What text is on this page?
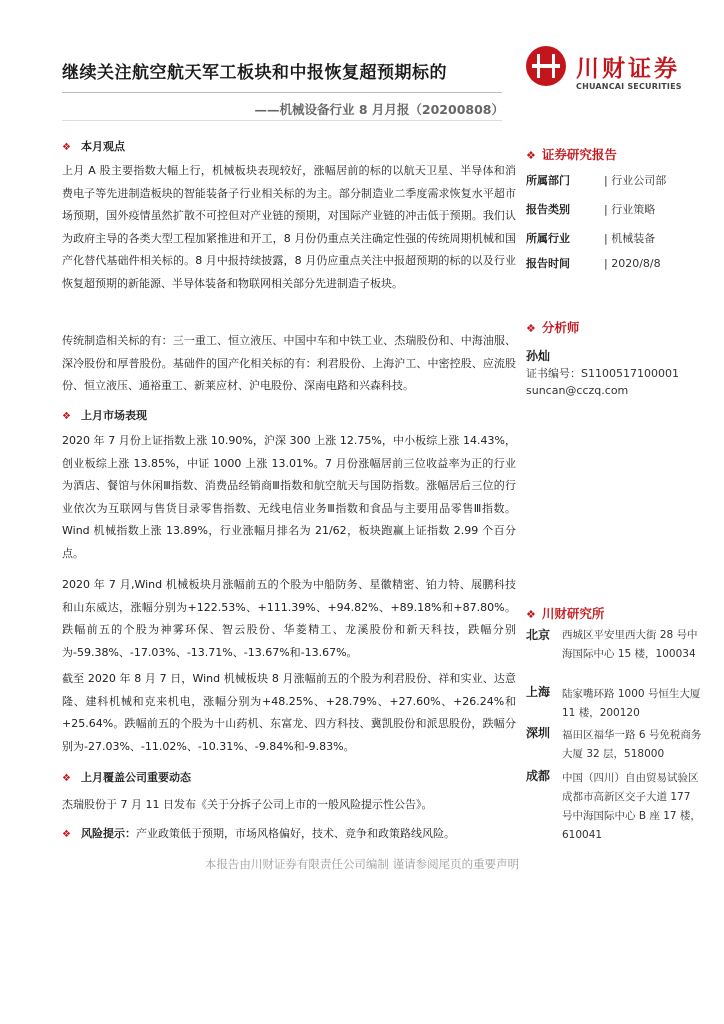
继续关注航空航天军工板块和中报恢复超预期标的
——机械设备行业 8 月月报（20200808）
川财证券
CHUANCAI SECURITIES
❖ 本月观点
上月 A 股主要指数大幅上行，机械板块表现较好，涨幅居前的标的以航天卫星、半导体和消费电子等先进制造板块的智能装备子行业相关标的为主。部分制造业二季度需求恢复水平超市场预期，国外疫情虽然扩散不可控但对产业链的预期，对国际产业链的冲击低于预期。我们认为政府主导的各类大型工程加紧推进和开工，8 月份仍重点关注确定性强的传统周期机械和国产化替代基础件相关标的。8 月中报持续披露，8 月仍应重点关注中报超预期的标的以及行业恢复超预期的新能源、半导体装备和物联网相关部分先进制造子板块。
传统制造相关标的有：三一重工、恒立液压、中国中车和中铁工业、杰瑞股份和、中海油服、深冷股份和厚普股份。基础件的国产化相关标的有：利君股份、上海沪工、中密控股、应流股份、恒立液压、通裕重工、新莱应材、沪电股份、深南电路和兴森科技。
❖ 上月市场表现
2020 年 7 月份上证指数上涨 10.90%，沪深 300 上涨 12.75%，中小板综上涨 14.43%，创业板综上涨 13.85%，中证 1000 上涨 13.01%。7 月份涨幅居前三位收益率为正的行业为酒店、餐馆与休闲Ⅲ指数、消费品经销商Ⅲ指数和航空航天与国防指数。涨幅居后三位的行业依次为互联网与售货目录零售指数、无线电信业务Ⅲ指数和食品与主要用品零售Ⅲ指数。Wind 机械指数上涨 13.89%，行业涨幅月排名为 21/62，板块跑赢上证指数 2.99 个百分点。
2020 年 7 月,Wind 机械板块月涨幅前五的个股为中船防务、星徽精密、铂力特、展鹏科技和山东威达，涨幅分别为+122.53%、+111.39%、+94.82%、+89.18%和+87.80%。跌幅前五的个股为神雾环保、智云股份、华菱精工、龙溪股份和新天科技，跌幅分别为-59.38%、-17.03%、-13.71%、-13.67%和-13.67%。
截至 2020 年 8 月 7 日，Wind 机械板块 8 月涨幅前五的个股为利君股份、祥和实业、达意隆、建科机械和克来机电，涨幅分别为+48.25%、+28.79%、+27.60%、+26.24%和+25.64%。跌幅前五的个股为十山药机、东富龙、四方科技、冀凯股份和派思股份，跌幅分别为-27.03%、-11.02%、-10.31%、-9.84%和-9.83%。
❖ 上月覆盖公司重要动态
杰瑞股份于 7 月 11 日发布《关于分拆子公司上市的一般风险提示性公告》。
❖ 风险提示：产业政策低于预期，市场风格偏好，技术、竞争和政策路线风险。
❖ 证券研究报告
所属部门	| 行业公司部
报告类别	| 行业策略
所属行业	| 机械装备
报告时间	| 2020/8/8
❖ 分析师
孙灿
证书编号：S1100517100001
suncan@cczq.com
❖ 川财研究所
北京 西城区平安里西大街 28 号中海国际中心 15 楼，100034
上海 陆家嘴环路 1000 号恒生大厦 11 楼，200120
深圳 福田区福华一路 6 号免税商务大厦 32 层，518000
成都 中国（四川）自由贸易试验区成都市高新区交子大道 177 号中海国际中心 B 座 17 楼，610041
本报告由川财证券有限责任公司编制 谨请参阅尾页的重要声明
